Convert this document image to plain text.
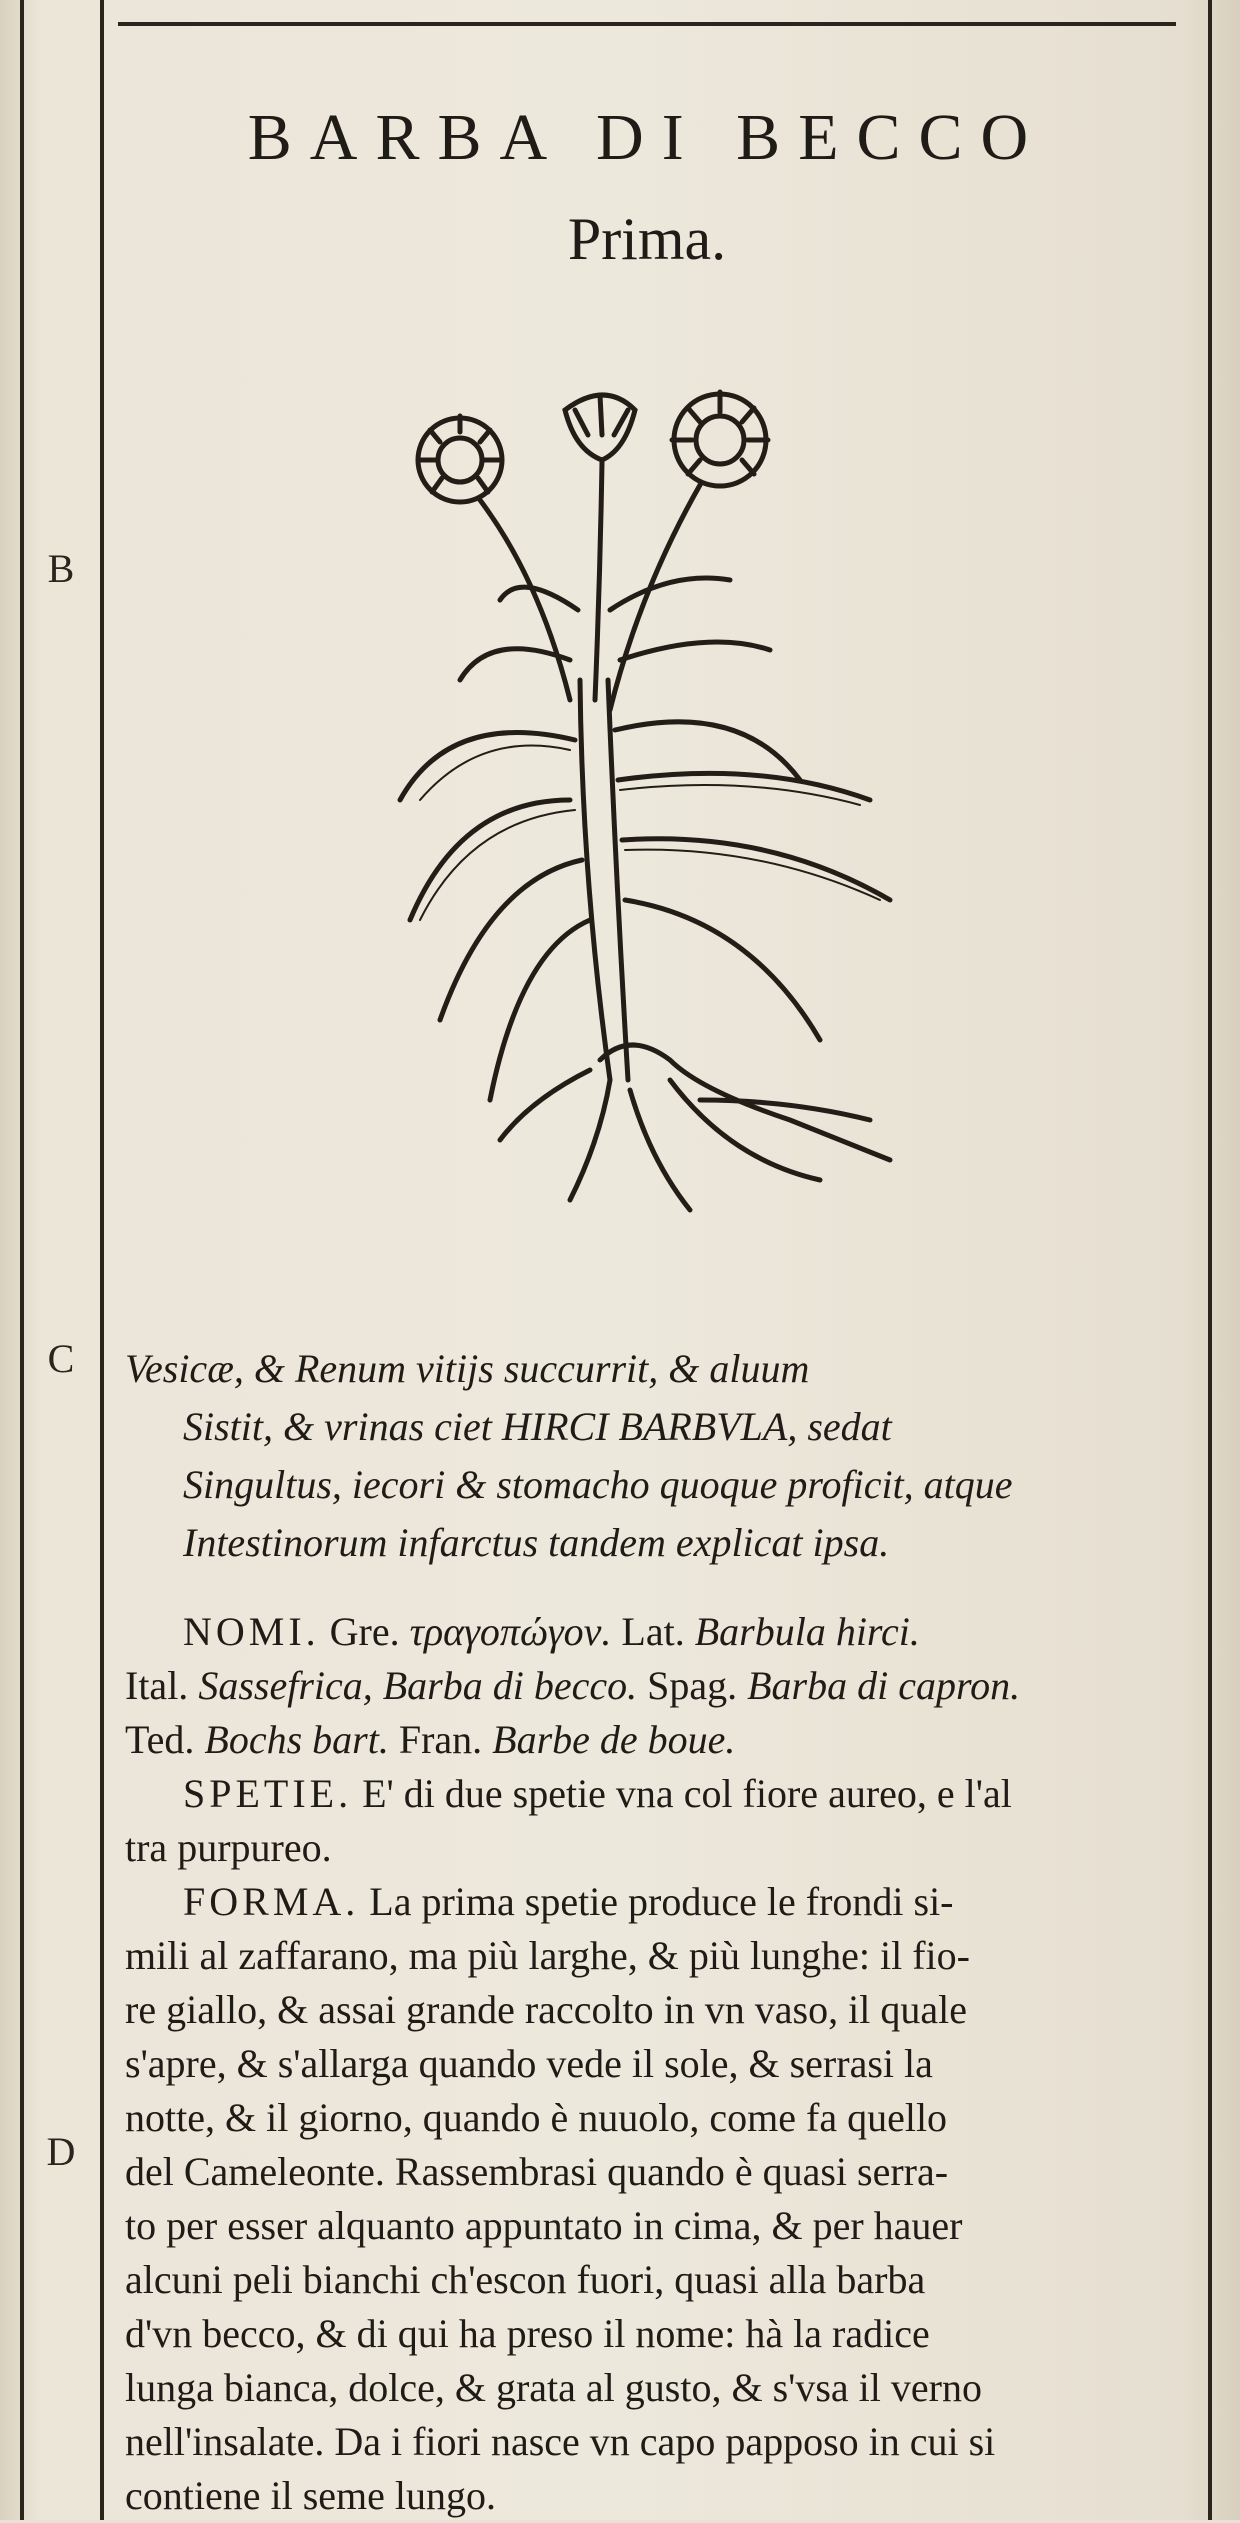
B
C
D
BARBA DI BECCO
Prima.
Vesicæ, & Renum vitijs succurrit, & aluum
Sistit, & vrinas ciet HIRCI BARBVLA, sedat
Singultus, iecori & stomacho quoque proficit, atque
Intestinorum infarctus tandem explicat ipsa.
NOMI. Gre. τραγοπώγον. Lat. Barbula hirci.
Ital. Sassefrica, Barba di becco. Spag. Barba di capron.
Ted. Bochs bart. Fran. Barbe de boue.
SPETIE. E' di due spetie vna col fiore aureo, e l'al
tra purpureo.
FORMA. La prima spetie produce le frondi si-
mili al zaffarano, ma più larghe, & più lunghe: il fio-
re giallo, & assai grande raccolto in vn vaso, il quale
s'apre, & s'allarga quando vede il sole, & serrasi la
notte, & il giorno, quando è nuuolo, come fa quello
del Cameleonte. Rassembrasi quando è quasi serra-
to per esser alquanto appuntato in cima, & per hauer
alcuni peli bianchi ch'escon fuori, quasi alla barba
d'vn becco, & di qui ha preso il nome: hà la radice
lunga bianca, dolce, & grata al gusto, & s'vsa il verno
nell'insalate. Da i fiori nasce vn capo papposo in cui si
contiene il seme lungo.
